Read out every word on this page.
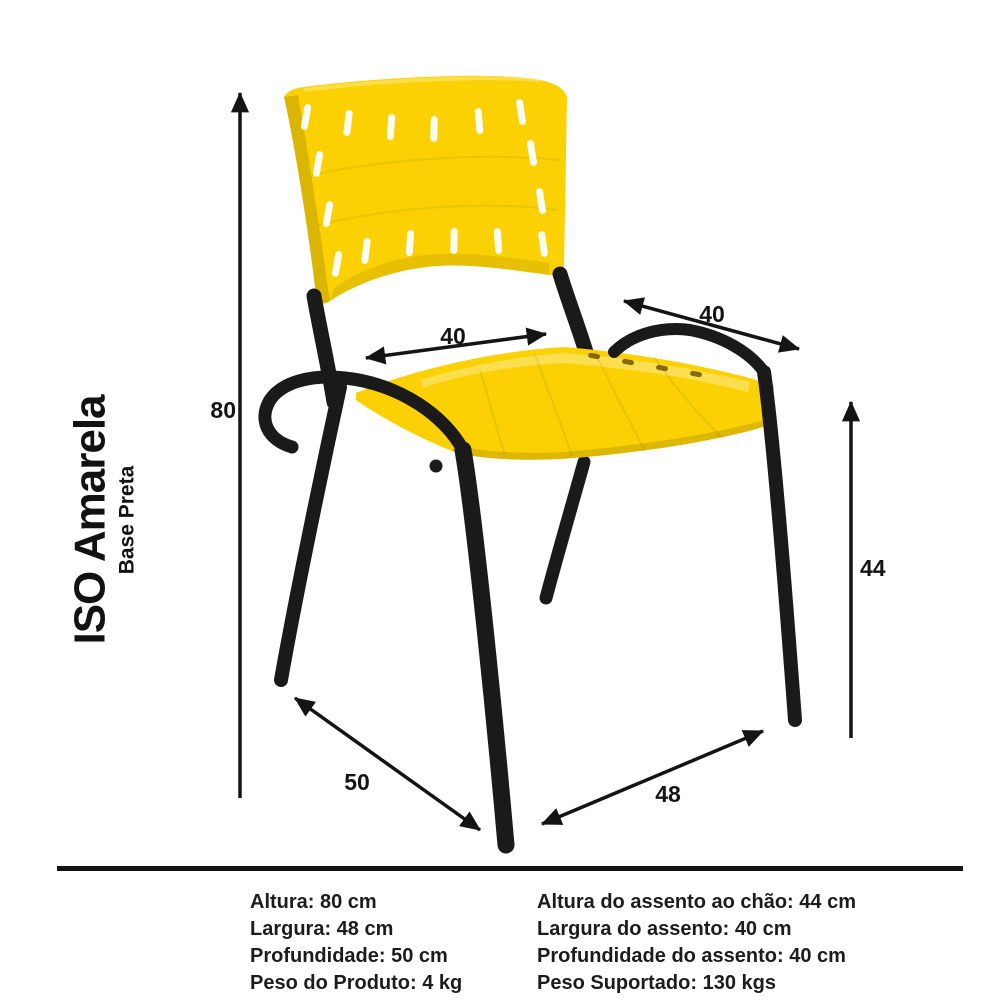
ISO Amarela Base Preta
80
40
40
44
50	48
Altura: 80 cm
Largura: 48 cm
Profundidade: 50 cm
Peso do Produto: 4 kg
Altura do assento ao chão: 44 cm
Largura do assento: 40 cm
Profundidade do assento: 40 cm
Peso Suportado: 130 kgs
